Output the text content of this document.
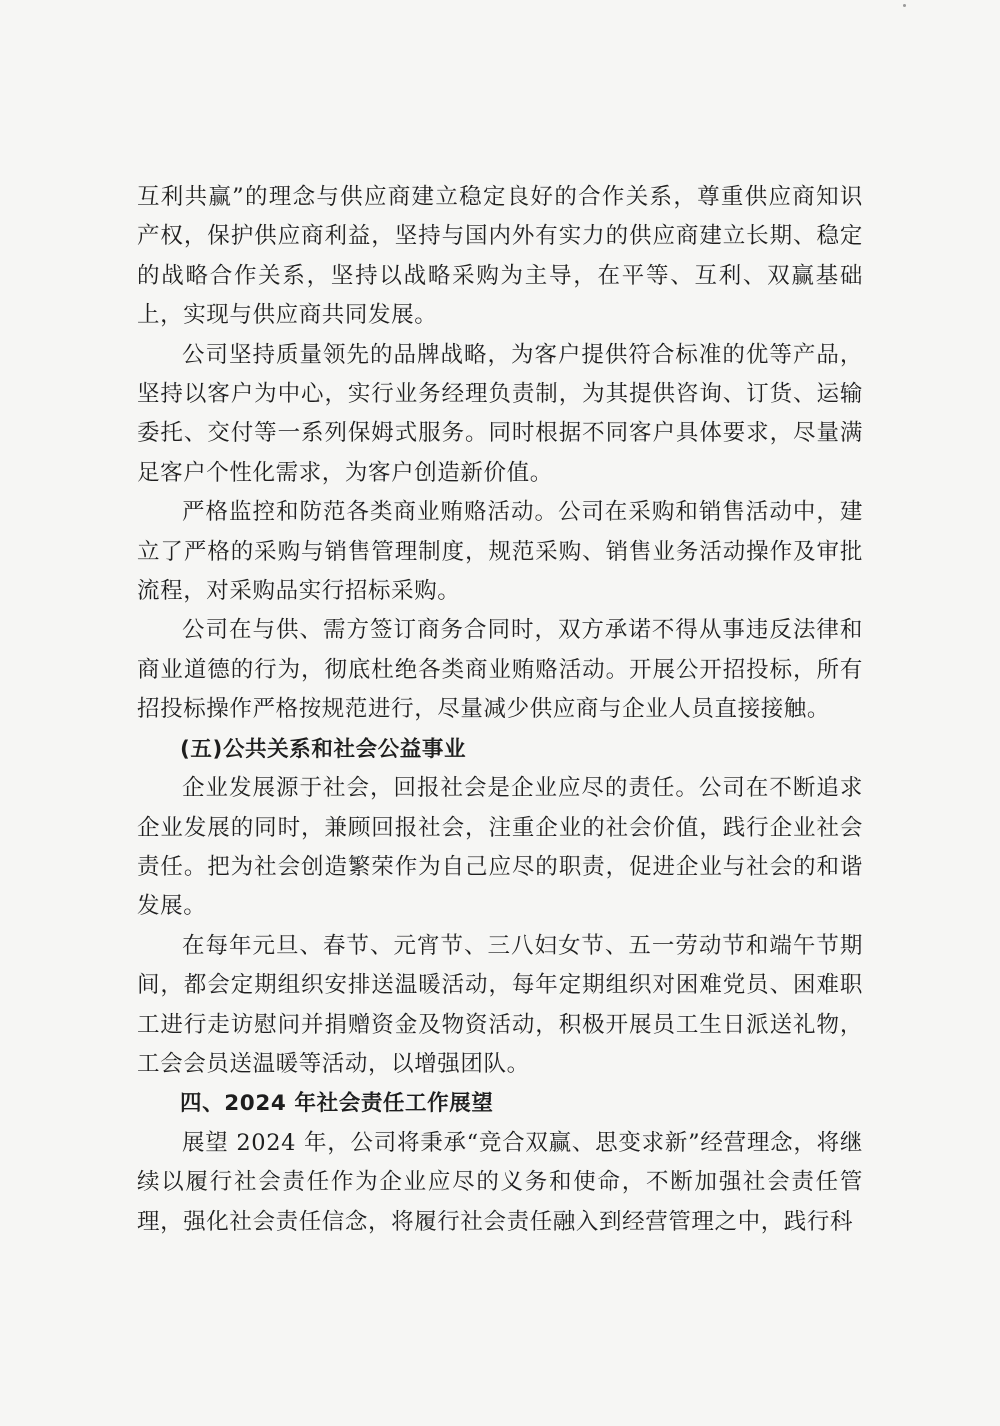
互利共赢”的理念与供应商建立稳定良好的合作关系，尊重供应商知识产权，保护供应商利益，坚持与国内外有实力的供应商建立长期、稳定的战略合作关系，坚持以战略采购为主导，在平等、互利、双赢基础上，实现与供应商共同发展。

公司坚持质量领先的品牌战略，为客户提供符合标准的优等产品，坚持以客户为中心，实行业务经理负责制，为其提供咨询、订货、运输委托、交付等一系列保姆式服务。同时根据不同客户具体要求，尽量满足客户个性化需求，为客户创造新价值。

严格监控和防范各类商业贿赂活动。公司在采购和销售活动中，建立了严格的采购与销售管理制度，规范采购、销售业务活动操作及审批流程，对采购品实行招标采购。

公司在与供、需方签订商务合同时，双方承诺不得从事违反法律和商业道德的行为，彻底杜绝各类商业贿赂活动。开展公开招投标，所有招投标操作严格按规范进行，尽量减少供应商与企业人员直接接触。

(五)公共关系和社会公益事业

企业发展源于社会，回报社会是企业应尽的责任。公司在不断追求企业发展的同时，兼顾回报社会，注重企业的社会价值，践行企业社会责任。把为社会创造繁荣作为自己应尽的职责，促进企业与社会的和谐发展。

在每年元旦、春节、元宵节、三八妇女节、五一劳动节和端午节期间，都会定期组织安排送温暖活动，每年定期组织对困难党员、困难职工进行走访慰问并捐赠资金及物资活动，积极开展员工生日派送礼物，工会会员送温暖等活动，以增强团队。

四、2024 年社会责任工作展望

展望 2024 年，公司将秉承“竞合双赢、思变求新”经营理念，将继续以履行社会责任作为企业应尽的义务和使命，不断加强社会责任管理，强化社会责任信念，将履行社会责任融入到经营管理之中，践行科
